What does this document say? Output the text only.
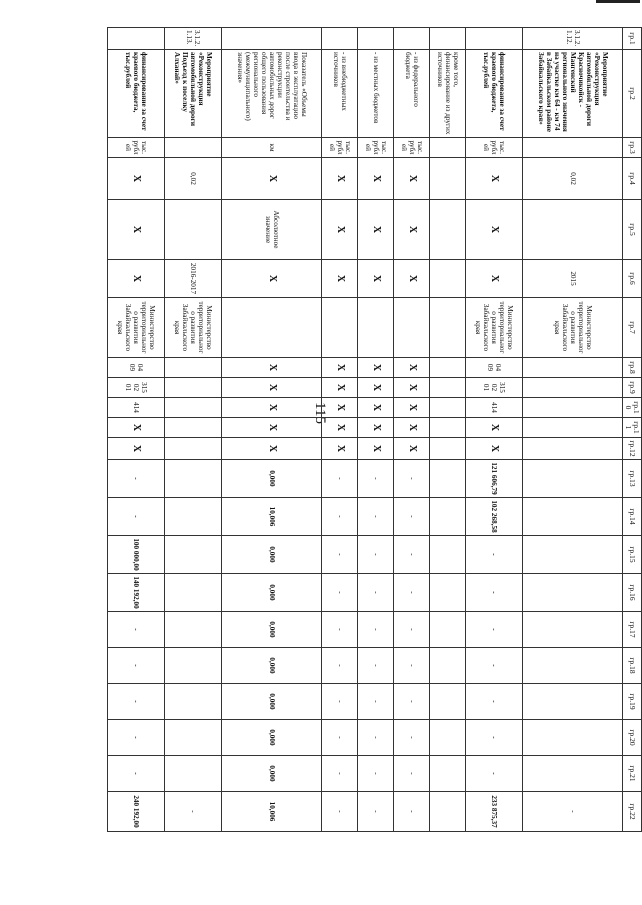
115
гр.1	гр.2	гр.3	гр.4	гр.5	гр.6	гр.7	гр.8	гр.9	гр.10	гр.11	гр.12	гр.13	гр.14	гр.15	гр.16	гр.17	гр.18	гр.19	гр.20	гр.21	гр.22
3.1.2.1.12.	Мероприятие «Реконструкция автомобильной дороги Красночикойск - Мангенский регионального значения на участке км 64 - км 74 в Забайкальском районе Забайкальского края»		0,02		2015	Министерство территориального развития Забайкальского края															-
	финансирование за счет краевого бюджета, тыс.рублей	тыс. рублей	X	X	X	Министерство территориального развития Забайкальского края	04 09	315 02 01	414	X	X	121 606,79	102 268,58	-	-	-	-	-	-	-	233 875,37
	кроме того, финансирование из других источников																				
	- из федерального бюджета	тыс. рублей	X	X	X		X	X	X	X	X	-	-	-	-	-	-	-	-	-	-
	- из местных бюджетов	тыс. рублей	X	X	X		X	X	X	X	X	-	-	-	-	-	-	-	-	-	-
	- из внебюджетных источников	тыс. рублей	X	X	X		X	X	X	X	X	-	-	-	-	-	-	-	-	-	-
	Показатель «Объемы ввода в эксплуатацию после строительства и реконструкции автомобильных дорог общего пользования регионального (межмуниципального) значения»	км	X	Абсолютное значение	X		X	X	X	X	X	0,000	10,006	0,000	0,000	0,000	0,000	0,000	0,000	0,000	10,006
3.1.2.1.13.	Мероприятие «Реконструкция автомобильной дороги Подъезд к поселку Алханай»		0,02		2016-2017	Министерство территориального развития Забайкальского края															-
	финансирование за счет краевого бюджета, тыс.рублей	тыс. рублей	X	X	X	Министерство территориального развития Забайкальского края	04 09	315 02 01	414	X	X	-	-	100 000,00	140 192,00	-	-	-	-	-	240 192,00
